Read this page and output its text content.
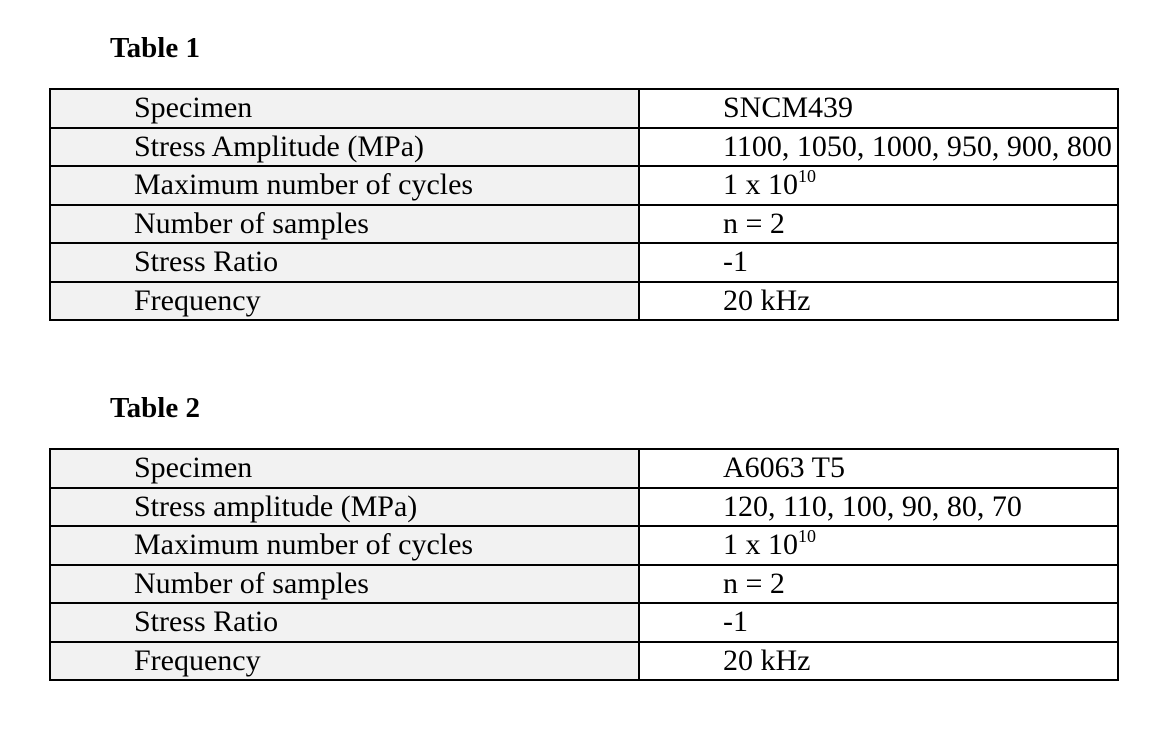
Table 1
Specimen	SNCM439
Stress Amplitude (MPa)	1100, 1050, 1000, 950, 900, 800
Maximum number of cycles	1 x $10^{10}$
Number of samples	n = 2
Stress Ratio	-1
Frequency	20 kHz
Table 2
Specimen	A6063 T5
Stress amplitude (MPa)	120, 110, 100, 90, 80, 70
Maximum number of cycles	1 x $10^{10}$
Number of samples	n = 2
Stress Ratio	-1
Frequency	20 kHz
